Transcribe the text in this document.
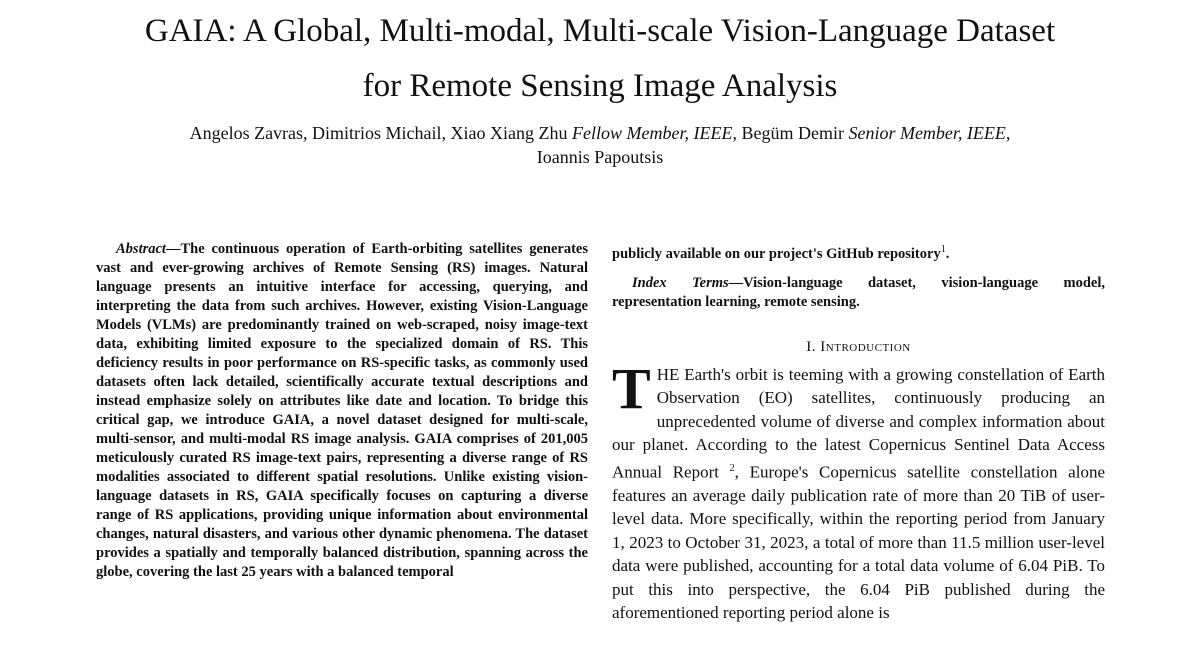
GAIA: A Global, Multi-modal, Multi-scale Vision-Language Dataset
for Remote Sensing Image Analysis
Angelos Zavras, Dimitrios Michail, Xiao Xiang Zhu Fellow Member, IEEE, Begüm Demir Senior Member, IEEE,
Ioannis Papoutsis

Abstract—The continuous operation of Earth-orbiting satellites generates vast and ever-growing archives of Remote Sensing (RS) images. Natural language presents an intuitive interface for accessing, querying, and interpreting the data from such archives. However, existing Vision-Language Models (VLMs) are predominantly trained on web-scraped, noisy image-text data, exhibiting limited exposure to the specialized domain of RS. This deficiency results in poor performance on RS-specific tasks, as commonly used datasets often lack detailed, scientifically accurate textual descriptions and instead emphasize solely on attributes like date and location. To bridge this critical gap, we introduce GAIA, a novel dataset designed for multi-scale, multi-sensor, and multi-modal RS image analysis. GAIA comprises of 201,005 meticulously curated RS image-text pairs, representing a diverse range of RS modalities associated to different spatial resolutions. Unlike existing vision-language datasets in RS, GAIA specifically focuses on capturing a diverse range of RS applications, providing unique information about environmental changes, natural disasters, and various other dynamic phenomena. The dataset provides a spatially and temporally balanced distribution, spanning across the globe, covering the last 25 years with a balanced temporal

publicly available on our project's GitHub repository$^1$.

Index Terms—Vision-language dataset, vision-language model, representation learning, remote sensing.

I. Introduction

THE Earth's orbit is teeming with a growing constellation of Earth Observation (EO) satellites, continuously producing an unprecedented volume of diverse and complex information about our planet. According to the latest Copernicus Sentinel Data Access Annual Report $^2$, Europe's Copernicus satellite constellation alone features an average daily publication rate of more than 20 TiB of user-level data. More specifically, within the reporting period from January 1, 2023 to October 31, 2023, a total of more than 11.5 million user-level data were published, accounting for a total data volume of 6.04 PiB. To put this into perspective, the 6.04 PiB published during the aforementioned reporting period alone is
